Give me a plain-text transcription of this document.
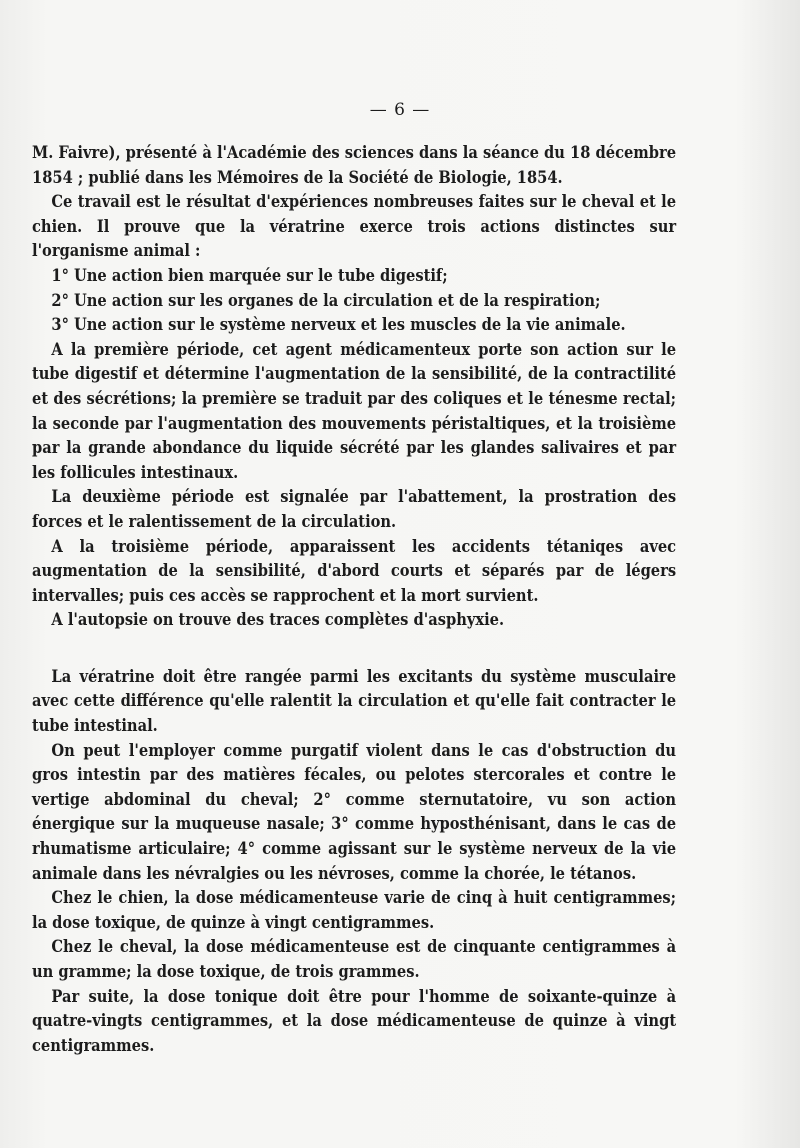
— 6 —

M. Faivre), présenté à l'Académie des sciences dans la séance du 18 décembre 1854 ; publié dans les Mémoires de la Société de Biologie, 1854.

Ce travail est le résultat d'expériences nombreuses faites sur le cheval et le chien. Il prouve que la vératrine exerce trois actions distinctes sur l'organisme animal :

1° Une action bien marquée sur le tube digestif;

2° Une action sur les organes de la circulation et de la respiration;

3° Une action sur le système nerveux et les muscles de la vie animale.

A la première période, cet agent médicamenteux porte son action sur le tube digestif et détermine l'augmentation de la sensibilité, de la contractilité et des sécrétions; la première se traduit par des coliques et le ténesme rectal; la seconde par l'augmentation des mouvements péristaltiques, et la troisième par la grande abondance du liquide sécrété par les glandes salivaires et par les follicules intestinaux.

La deuxième période est signalée par l'abattement, la prostration des forces et le ralentissement de la circulation.

A la troisième période, apparaissent les accidents tétaniqes avec augmentation de la sensibilité, d'abord courts et séparés par de légers intervalles; puis ces accès se rapprochent et la mort survient.

A l'autopsie on trouve des traces complètes d'asphyxie.

La vératrine doit être rangée parmi les excitants du système musculaire avec cette différence qu'elle ralentit la circulation et qu'elle fait contracter le tube intestinal.

On peut l'employer comme purgatif violent dans le cas d'obstruction du gros intestin par des matières fécales, ou pelotes stercorales et contre le vertige abdominal du cheval; 2° comme sternutatoire, vu son action énergique sur la muqueuse nasale; 3° comme hyposthénisant, dans le cas de rhumatisme articulaire; 4° comme agissant sur le système nerveux de la vie animale dans les névralgies ou les névroses, comme la chorée, le tétanos.

Chez le chien, la dose médicamenteuse varie de cinq à huit centigrammes; la dose toxique, de quinze à vingt centigrammes.

Chez le cheval, la dose médicamenteuse est de cinquante centigrammes à un gramme; la dose toxique, de trois grammes.

Par suite, la dose tonique doit être pour l'homme de soixante-quinze à quatre-vingts centigrammes, et la dose médicamenteuse de quinze à vingt centigrammes.
